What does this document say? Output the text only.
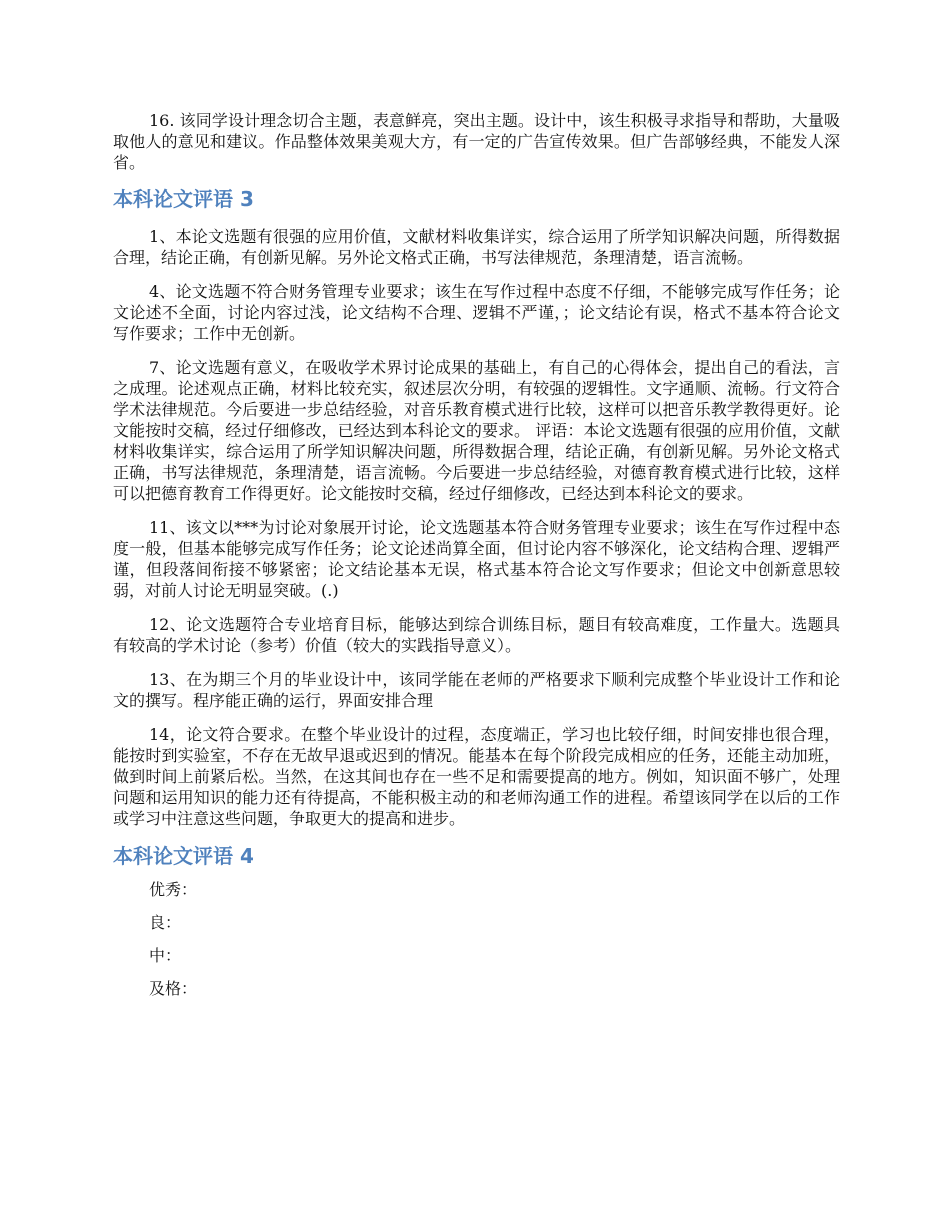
16. 该同学设计理念切合主题，表意鲜亮，突出主题。设计中，该生积极寻求指导和帮助，大量吸取他人的意见和建议。作品整体效果美观大方，有一定的广告宣传效果。但广告部够经典，不能发人深省。

本科论文评语 3

1、本论文选题有很强的应用价值，文献材料收集详实，综合运用了所学知识解决问题，所得数据合理，结论正确，有创新见解。另外论文格式正确，书写法律规范，条理清楚，语言流畅。

4、论文选题不符合财务管理专业要求；该生在写作过程中态度不仔细，不能够完成写作任务；论文论述不全面，讨论内容过浅，论文结构不合理、逻辑不严谨，；论文结论有误，格式不基本符合论文写作要求；工作中无创新。

7、论文选题有意义，在吸收学术界讨论成果的基础上，有自己的心得体会，提出自己的看法，言之成理。论述观点正确，材料比较充实，叙述层次分明，有较强的逻辑性。文字通顺、流畅。行文符合学术法律规范。今后要进一步总结经验，对音乐教育模式进行比较，这样可以把音乐教学教得更好。论文能按时交稿，经过仔细修改，已经达到本科论文的要求。 评语：本论文选题有很强的应用价值，文献材料收集详实，综合运用了所学知识解决问题，所得数据合理，结论正确，有创新见解。另外论文格式正确，书写法律规范，条理清楚，语言流畅。今后要进一步总结经验，对德育教育模式进行比较，这样可以把德育教育工作得更好。论文能按时交稿，经过仔细修改，已经达到本科论文的要求。

11、该文以***为讨论对象展开讨论，论文选题基本符合财务管理专业要求；该生在写作过程中态度一般，但基本能够完成写作任务；论文论述尚算全面，但讨论内容不够深化，论文结构合理、逻辑严谨，但段落间衔接不够紧密；论文结论基本无误，格式基本符合论文写作要求；但论文中创新意思较弱，对前人讨论无明显突破。(.)

12、论文选题符合专业培育目标，能够达到综合训练目标，题目有较高难度，工作量大。选题具有较高的学术讨论（参考）价值（较大的实践指导意义）。

13、在为期三个月的毕业设计中，该同学能在老师的严格要求下顺利完成整个毕业设计工作和论文的撰写。程序能正确的运行，界面安排合理

14，论文符合要求。在整个毕业设计的过程，态度端正，学习也比较仔细，时间安排也很合理，能按时到实验室，不存在无故早退或迟到的情况。能基本在每个阶段完成相应的任务，还能主动加班，做到时间上前紧后松。当然，在这其间也存在一些不足和需要提高的地方。例如，知识面不够广，处理问题和运用知识的能力还有待提高，不能积极主动的和老师沟通工作的进程。希望该同学在以后的工作或学习中注意这些问题，争取更大的提高和进步。

本科论文评语 4

优秀：

良：

中：

及格：
